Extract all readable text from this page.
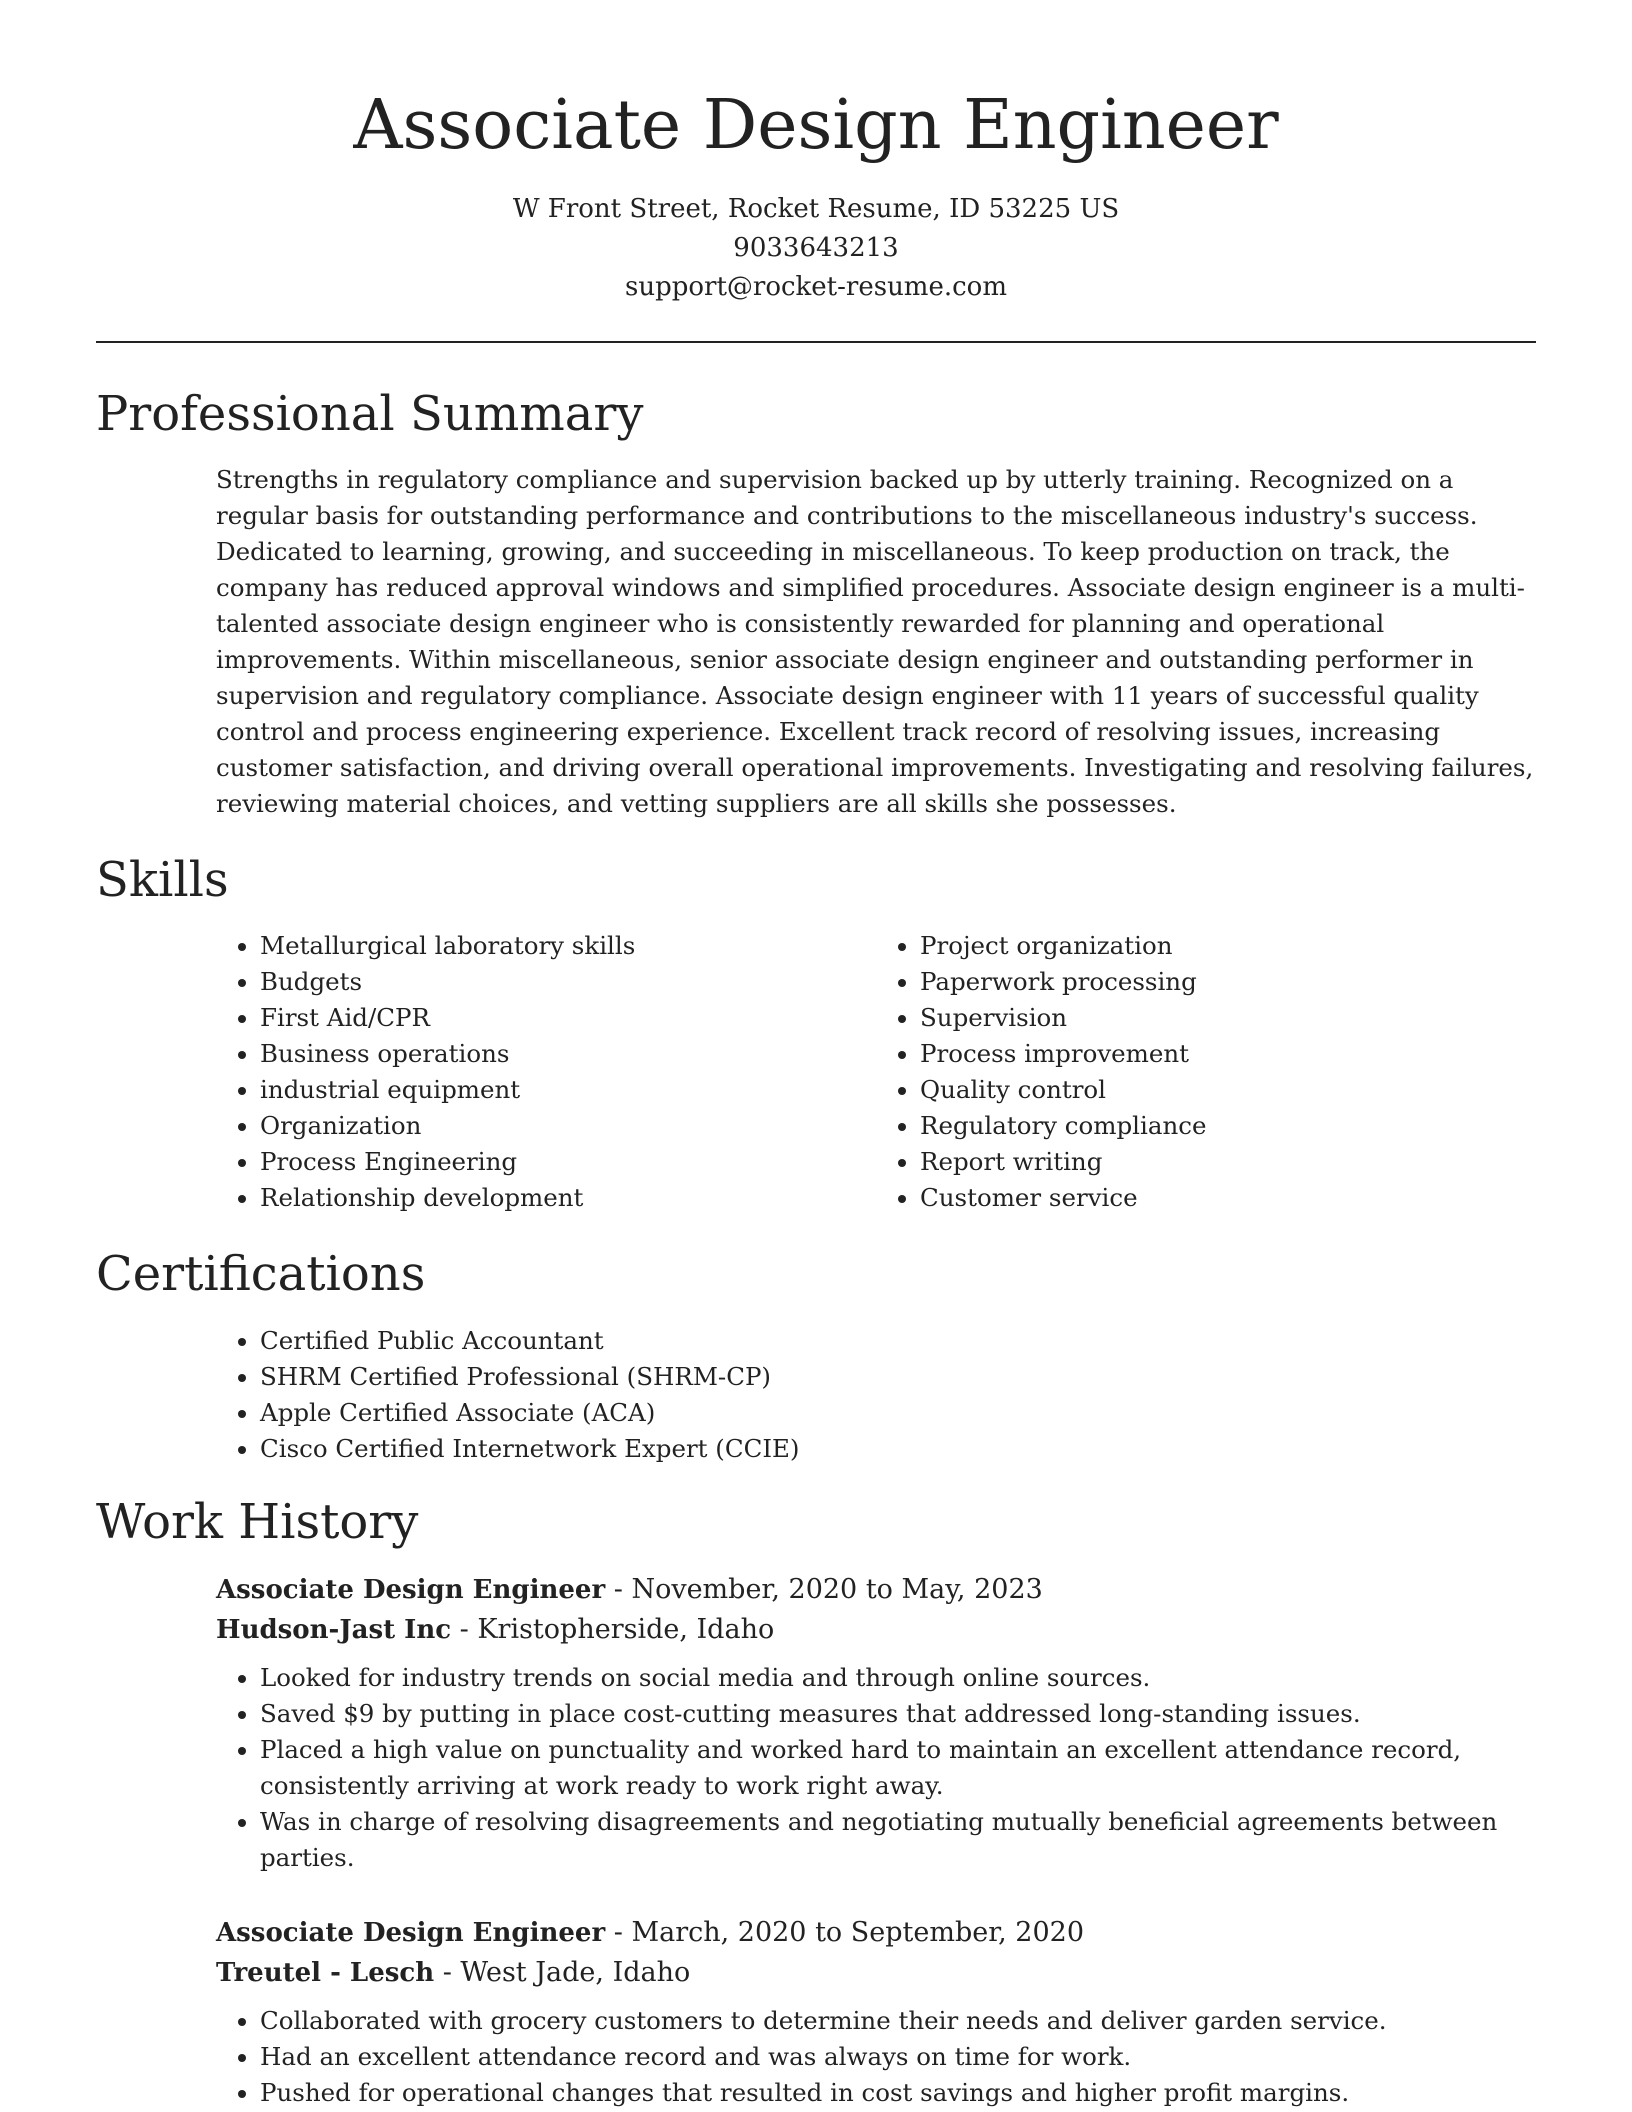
Associate Design Engineer
W Front Street, Rocket Resume, ID 53225 US
9033643213
support@rocket-resume.com
Professional Summary

Strengths in regulatory compliance and supervision backed up by utterly training. Recognized on a regular basis for outstanding performance and contributions to the miscellaneous industry's success. Dedicated to learning, growing, and succeeding in miscellaneous. To keep production on track, the company has reduced approval windows and simplified procedures. Associate design engineer is a multi-talented associate design engineer who is consistently rewarded for planning and operational improvements. Within miscellaneous, senior associate design engineer and outstanding performer in supervision and regulatory compliance. Associate design engineer with 11 years of successful quality control and process engineering experience. Excellent track record of resolving issues, increasing customer satisfaction, and driving overall operational improvements. Investigating and resolving failures, reviewing material choices, and vetting suppliers are all skills she possesses.

Skills
• Metallurgical laboratory skills
• Budgets
• First Aid/CPR
• Business operations
• industrial equipment
• Organization
• Process Engineering
• Relationship development
• Project organization
• Paperwork processing
• Supervision
• Process improvement
• Quality control
• Regulatory compliance
• Report writing
• Customer service
Certifications
• Certified Public Accountant
• SHRM Certified Professional (SHRM-CP)
• Apple Certified Associate (ACA)
• Cisco Certified Internetwork Expert (CCIE)
Work History
Associate Design Engineer - November, 2020 to May, 2023
Hudson-Jast Inc - Kristopherside, Idaho
• Looked for industry trends on social media and through online sources.
• Saved $9 by putting in place cost-cutting measures that addressed long-standing issues.
• Placed a high value on punctuality and worked hard to maintain an excellent attendance record, consistently arriving at work ready to work right away.
• Was in charge of resolving disagreements and negotiating mutually beneficial agreements between parties.
Associate Design Engineer - March, 2020 to September, 2020
Treutel - Lesch - West Jade, Idaho
• Collaborated with grocery customers to determine their needs and deliver garden service.
• Had an excellent attendance record and was always on time for work.
• Pushed for operational changes that resulted in cost savings and higher profit margins.
